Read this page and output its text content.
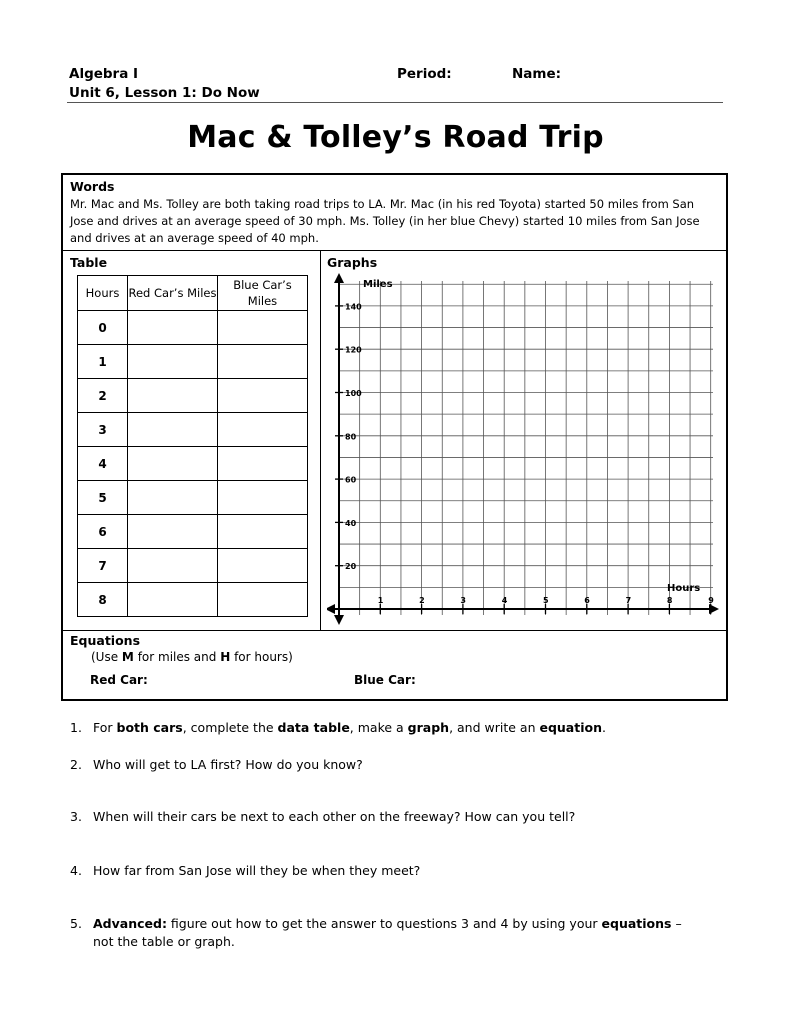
Algebra I
Unit 6, Lesson 1: Do Now
Period:	Name:
Mac & Tolley’s Road Trip
Words
Mr. Mac and Ms. Tolley are both taking road trips to LA. Mr. Mac (in his red Toyota) started 50 miles from San Jose and drives at an average speed of 30 mph. Ms. Tolley (in her blue Chevy) started 10 miles from San Jose and drives at an average speed of 40 mph.
Table	Graphs
Hours	Red Car’s Miles	Blue Car’s Miles
0		
1		
2		
3		
4		
5		
6		
7		
8		
20
40
60
80
100
120
140
1	2	3	4	5	6	7	8	9
Miles
Hours
Equations
(Use M for miles and H for hours)
Red Car:	Blue Car:
1. For both cars, complete the data table, make a graph, and write an equation.
2. Who will get to LA first? How do you know?
3. When will their cars be next to each other on the freeway? How can you tell?
4. How far from San Jose will they be when they meet?
5. Advanced: figure out how to get the answer to questions 3 and 4 by using your equations –
not the table or graph.
